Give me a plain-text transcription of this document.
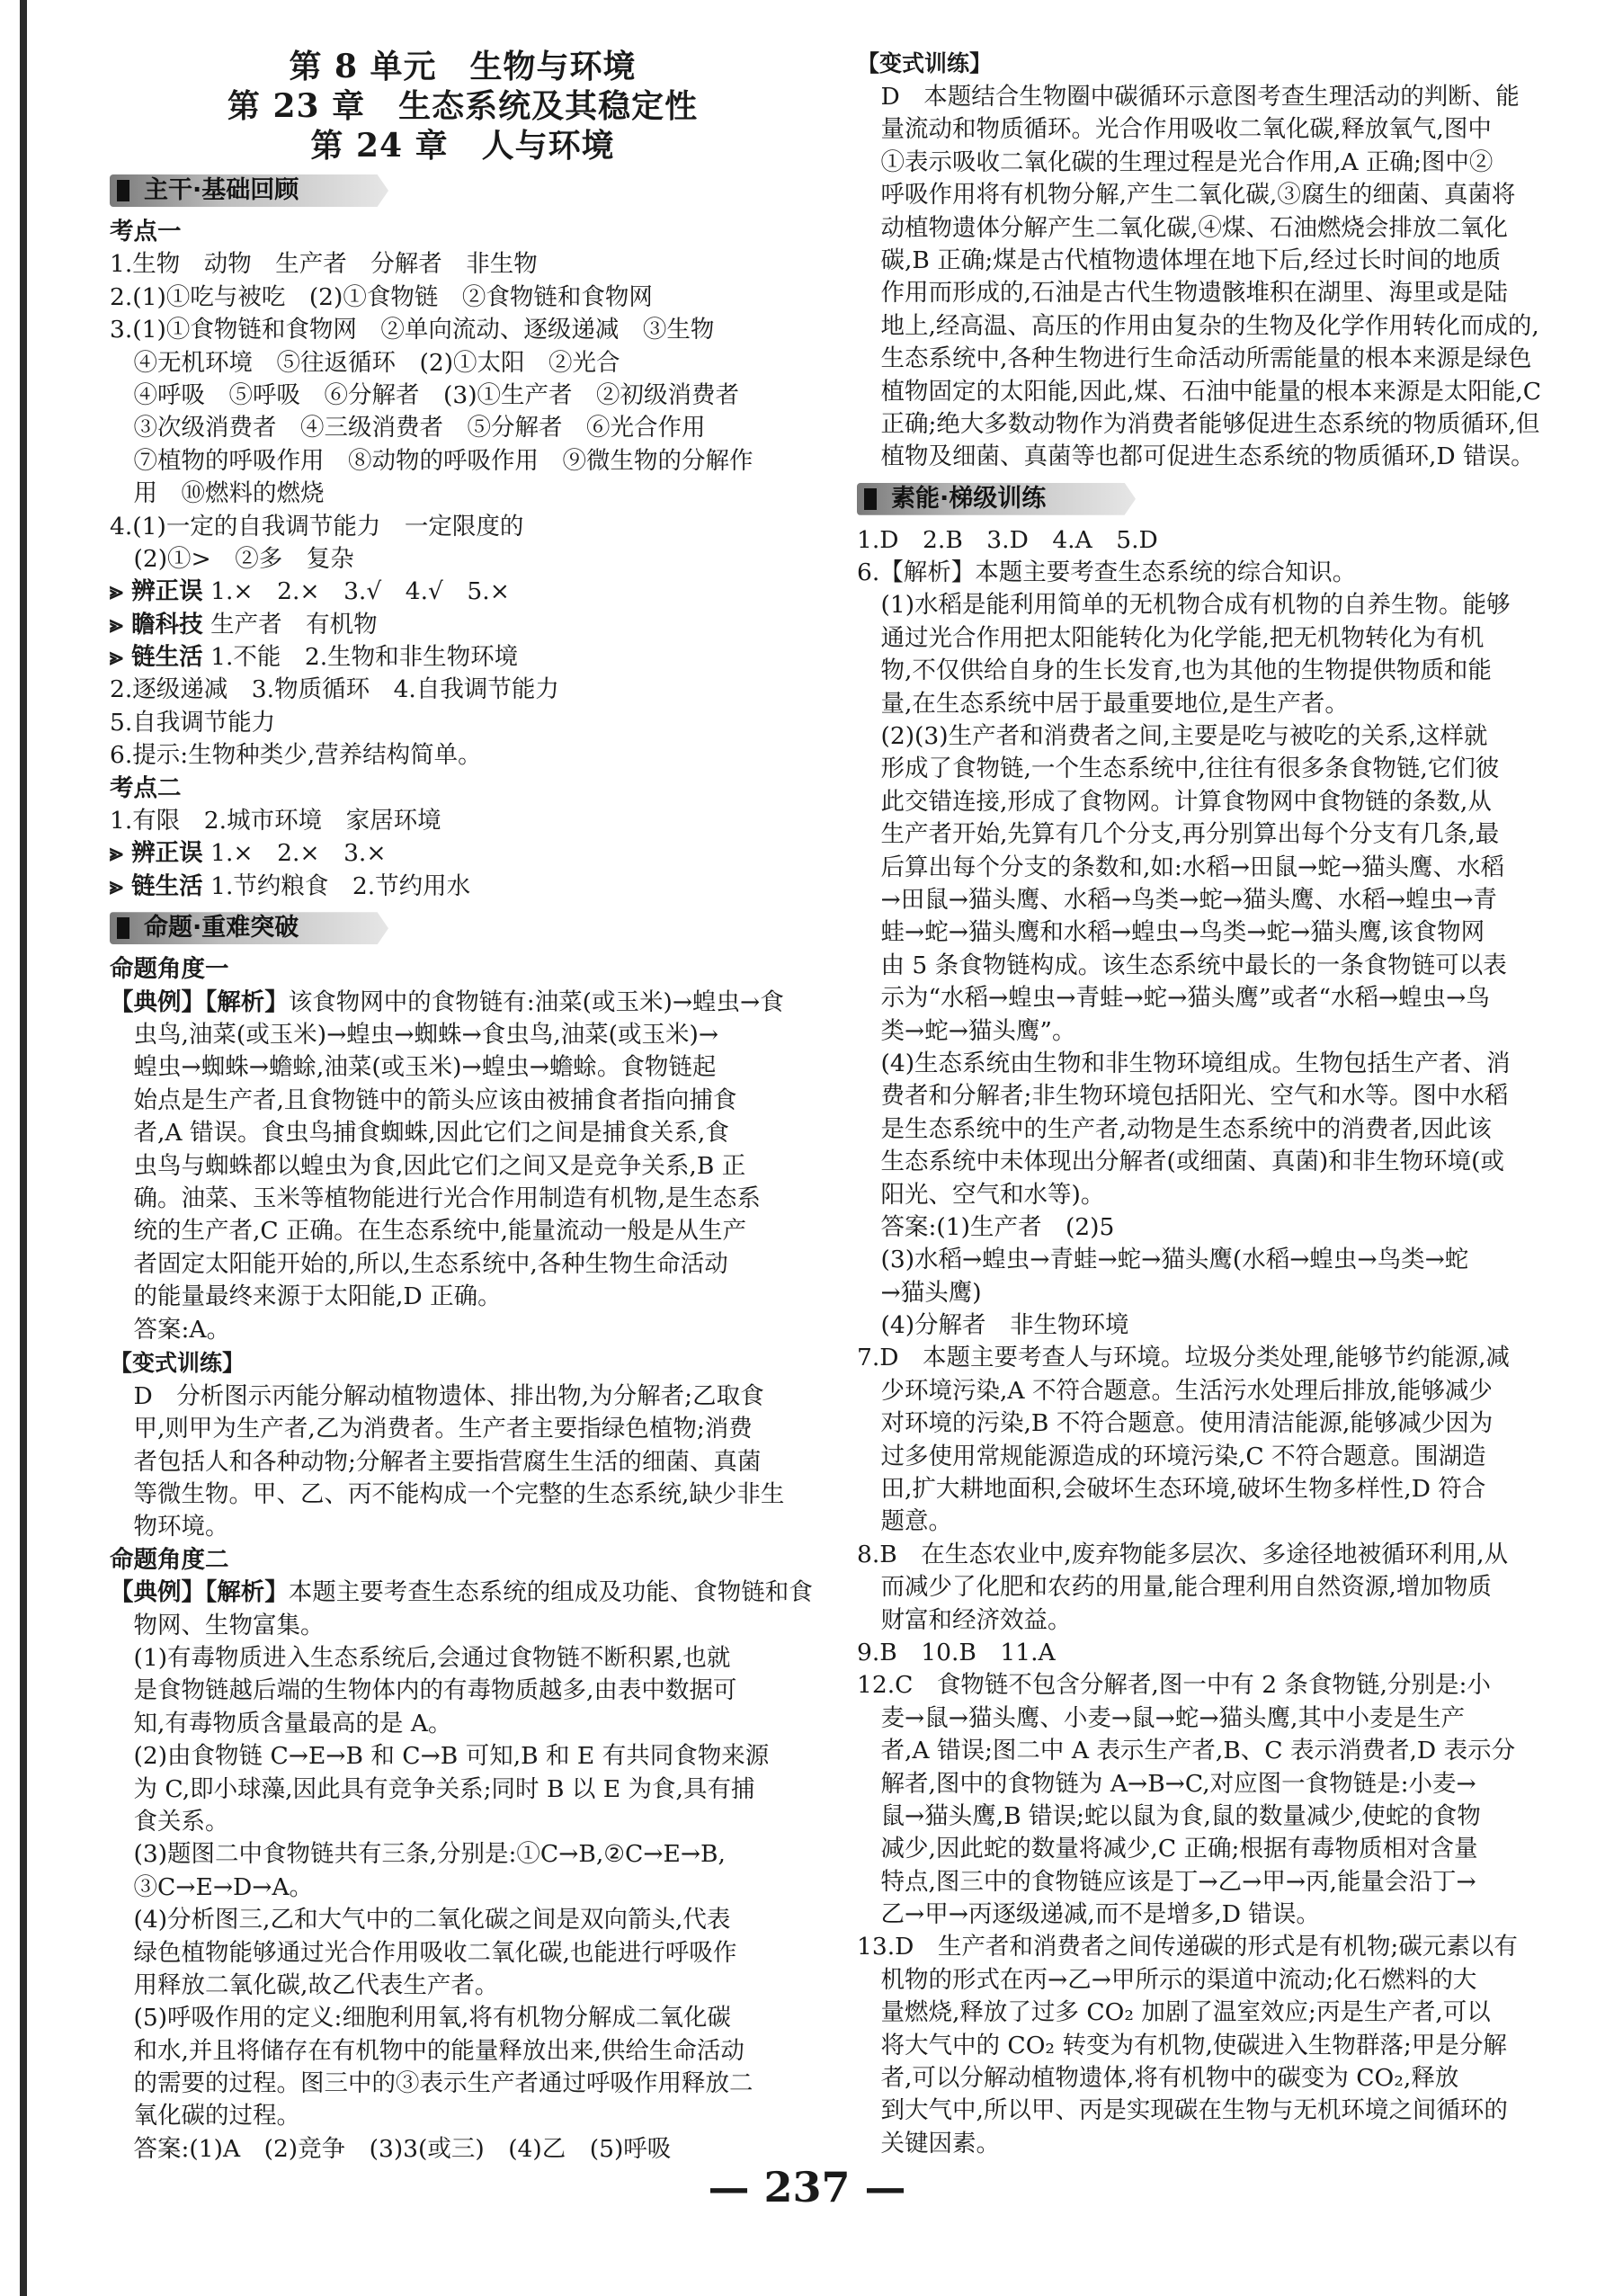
第 8 单元　生物与环境
第 23 章　生态系统及其稳定性
第 24 章　人与环境
主干·基础回顾
考点一
1.生物　动物　生产者　分解者　非生物
2.(1)①吃与被吃　(2)①食物链　②食物链和食物网
3.(1)①食物链和食物网　②单向流动、逐级递减　③生物
　④无机环境　⑤往返循环　(2)①太阳　②光合
　④呼吸　⑤呼吸　⑥分解者　(3)①生产者　②初级消费者
　③次级消费者　④三级消费者　⑤分解者　⑥光合作用
　⑦植物的呼吸作用　⑧动物的呼吸作用　⑨微生物的分解作
　用　⑩燃料的燃烧
4.(1)一定的自我调节能力　一定限度的
　(2)①>　②多　复杂
⪢ 辨正误 1.×　2.×　3.√　4.√　5.×
⪢ 瞻科技 生产者　有机物
⪢ 链生活 1.不能　2.生物和非生物环境
2.逐级递减　3.物质循环　4.自我调节能力
5.自我调节能力
6.提示:生物种类少,营养结构简单。
考点二
1.有限　2.城市环境　家居环境
⪢ 辨正误 1.×　2.×　3.×
⪢ 链生活 1.节约粮食　2.节约用水
命题·重难突破
命题角度一
【典例】【解析】该食物网中的食物链有:油菜(或玉米)→蝗虫→食
　虫鸟,油菜(或玉米)→蝗虫→蜘蛛→食虫鸟,油菜(或玉米)→
　蝗虫→蜘蛛→蟾蜍,油菜(或玉米)→蝗虫→蟾蜍。食物链起
　始点是生产者,且食物链中的箭头应该由被捕食者指向捕食
　者,A 错误。食虫鸟捕食蜘蛛,因此它们之间是捕食关系,食
　虫鸟与蜘蛛都以蝗虫为食,因此它们之间又是竞争关系,B 正
　确。油菜、玉米等植物能进行光合作用制造有机物,是生态系
　统的生产者,C 正确。在生态系统中,能量流动一般是从生产
　者固定太阳能开始的,所以,生态系统中,各种生物生命活动
　的能量最终来源于太阳能,D 正确。
　答案:A。
【变式训练】
　D　分析图示丙能分解动植物遗体、排出物,为分解者;乙取食
　甲,则甲为生产者,乙为消费者。生产者主要指绿色植物;消费
　者包括人和各种动物;分解者主要指营腐生生活的细菌、真菌
　等微生物。甲、乙、丙不能构成一个完整的生态系统,缺少非生
　物环境。
命题角度二
【典例】【解析】本题主要考查生态系统的组成及功能、食物链和食
　物网、生物富集。
　(1)有毒物质进入生态系统后,会通过食物链不断积累,也就
　是食物链越后端的生物体内的有毒物质越多,由表中数据可
　知,有毒物质含量最高的是 A。
　(2)由食物链 C→E→B 和 C→B 可知,B 和 E 有共同食物来源
　为 C,即小球藻,因此具有竞争关系;同时 B 以 E 为食,具有捕
　食关系。
　(3)题图二中食物链共有三条,分别是:①C→B,②C→E→B,
　③C→E→D→A。
　(4)分析图三,乙和大气中的二氧化碳之间是双向箭头,代表
　绿色植物能够通过光合作用吸收二氧化碳,也能进行呼吸作
　用释放二氧化碳,故乙代表生产者。
　(5)呼吸作用的定义:细胞利用氧,将有机物分解成二氧化碳
　和水,并且将储存在有机物中的能量释放出来,供给生命活动
　的需要的过程。图三中的③表示生产者通过呼吸作用释放二
　氧化碳的过程。
　答案:(1)A　(2)竞争　(3)3(或三)　(4)乙　(5)呼吸
【变式训练】
　D　本题结合生物圈中碳循环示意图考查生理活动的判断、能
　量流动和物质循环。光合作用吸收二氧化碳,释放氧气,图中
　①表示吸收二氧化碳的生理过程是光合作用,A 正确;图中②
　呼吸作用将有机物分解,产生二氧化碳,③腐生的细菌、真菌将
　动植物遗体分解产生二氧化碳,④煤、石油燃烧会排放二氧化
　碳,B 正确;煤是古代植物遗体埋在地下后,经过长时间的地质
　作用而形成的,石油是古代生物遗骸堆积在湖里、海里或是陆
　地上,经高温、高压的作用由复杂的生物及化学作用转化而成的,
　生态系统中,各种生物进行生命活动所需能量的根本来源是绿色
　植物固定的太阳能,因此,煤、石油中能量的根本来源是太阳能,C
　正确;绝大多数动物作为消费者能够促进生态系统的物质循环,但
　植物及细菌、真菌等也都可促进生态系统的物质循环,D 错误。
素能·梯级训练
1.D　2.B　3.D　4.A　5.D
6.【解析】本题主要考查生态系统的综合知识。
　(1)水稻是能利用简单的无机物合成有机物的自养生物。能够
　通过光合作用把太阳能转化为化学能,把无机物转化为有机
　物,不仅供给自身的生长发育,也为其他的生物提供物质和能
　量,在生态系统中居于最重要地位,是生产者。
　(2)(3)生产者和消费者之间,主要是吃与被吃的关系,这样就
　形成了食物链,一个生态系统中,往往有很多条食物链,它们彼
　此交错连接,形成了食物网。计算食物网中食物链的条数,从
　生产者开始,先算有几个分支,再分别算出每个分支有几条,最
　后算出每个分支的条数和,如:水稻→田鼠→蛇→猫头鹰、水稻
　→田鼠→猫头鹰、水稻→鸟类→蛇→猫头鹰、水稻→蝗虫→青
　蛙→蛇→猫头鹰和水稻→蝗虫→鸟类→蛇→猫头鹰,该食物网
　由 5 条食物链构成。该生态系统中最长的一条食物链可以表
　示为“水稻→蝗虫→青蛙→蛇→猫头鹰”或者“水稻→蝗虫→鸟
　类→蛇→猫头鹰”。
　(4)生态系统由生物和非生物环境组成。生物包括生产者、消
　费者和分解者;非生物环境包括阳光、空气和水等。图中水稻
　是生态系统中的生产者,动物是生态系统中的消费者,因此该
　生态系统中未体现出分解者(或细菌、真菌)和非生物环境(或
　阳光、空气和水等)。
　答案:(1)生产者　(2)5
　(3)水稻→蝗虫→青蛙→蛇→猫头鹰(水稻→蝗虫→鸟类→蛇
　→猫头鹰)
　(4)分解者　非生物环境
7.D　本题主要考查人与环境。垃圾分类处理,能够节约能源,减
　少环境污染,A 不符合题意。生活污水处理后排放,能够减少
　对环境的污染,B 不符合题意。使用清洁能源,能够减少因为
　过多使用常规能源造成的环境污染,C 不符合题意。围湖造
　田,扩大耕地面积,会破坏生态环境,破坏生物多样性,D 符合
　题意。
8.B　在生态农业中,废弃物能多层次、多途径地被循环利用,从
　而减少了化肥和农药的用量,能合理利用自然资源,增加物质
　财富和经济效益。
9.B　10.B　11.A
12.C　食物链不包含分解者,图一中有 2 条食物链,分别是:小
　麦→鼠→猫头鹰、小麦→鼠→蛇→猫头鹰,其中小麦是生产
　者,A 错误;图二中 A 表示生产者,B、C 表示消费者,D 表示分
　解者,图中的食物链为 A→B→C,对应图一食物链是:小麦→
　鼠→猫头鹰,B 错误;蛇以鼠为食,鼠的数量减少,使蛇的食物
　减少,因此蛇的数量将减少,C 正确;根据有毒物质相对含量
　特点,图三中的食物链应该是丁→乙→甲→丙,能量会沿丁→
　乙→甲→丙逐级递减,而不是增多,D 错误。
13.D　生产者和消费者之间传递碳的形式是有机物;碳元素以有
　机物的形式在丙→乙→甲所示的渠道中流动;化石燃料的大
　量燃烧,释放了过多 CO₂ 加剧了温室效应;丙是生产者,可以
　将大气中的 CO₂ 转变为有机物,使碳进入生物群落;甲是分解
　者,可以分解动植物遗体,将有机物中的碳变为 CO₂,释放
　到大气中,所以甲、丙是实现碳在生物与无机环境之间循环的
　关键因素。
— 237 —
